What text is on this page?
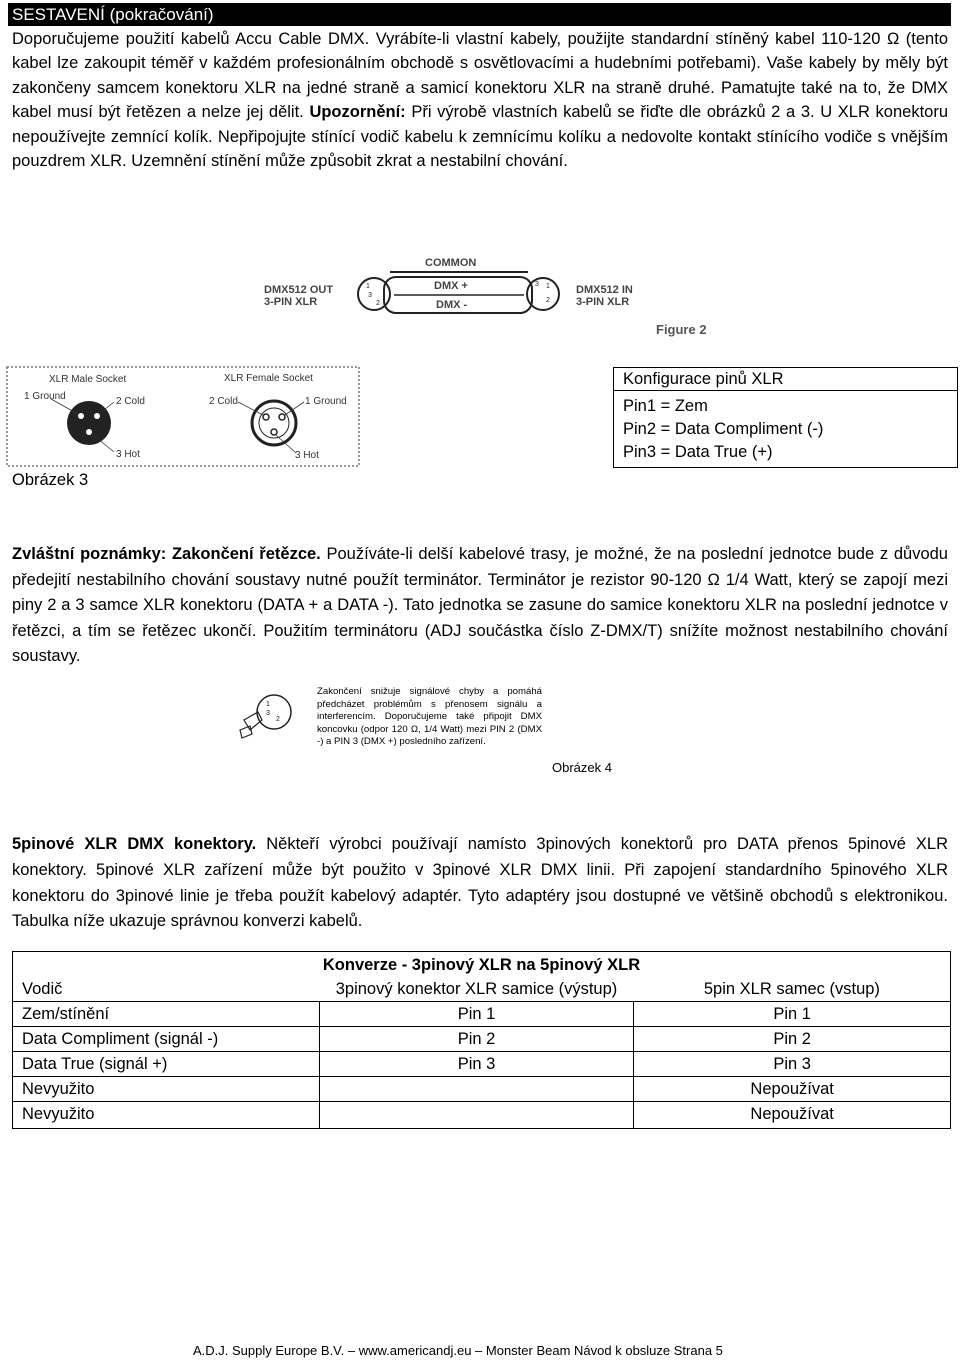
SESTAVENÍ (pokračování)

Doporučujeme použití kabelů Accu Cable DMX. Vyrábíte-li vlastní kabely, použijte standardní stíněný kabel 110-120 Ω (tento kabel lze zakoupit téměř v každém profesionálním obchodě s osvětlovacími a hudebními potřebami). Vaše kabely by měly být zakončeny samcem konektoru XLR na jedné straně a samicí konektoru XLR na straně druhé. Pamatujte také na to, že DMX kabel musí být řetězen a nelze jej dělit. Upozornění: Při výrobě vlastních kabelů se řiďte dle obrázků 2 a 3. U XLR konektoru nepoužívejte zemnící kolík. Nepřipojujte stínící vodič kabelu k zemnícímu kolíku a nedovolte kontakt stínícího vodiče s vnějším pouzdrem XLR. Uzemnění stínění může způsobit zkrat a nestabilní chování.

COMMON
DMX512 OUT
3-PIN XLR
1
3
2
DMX +
DMX -
3 1
2
DMX512 IN
3-PIN XLR
Figure 2
XLR Male Socket	XLR Female Socket
1 Ground	2 Cold
3 Hot
2 Cold	1 Ground
3 Hot
Obrázek 3
Konfigurace pinů XLR
Pin1 = Zem
Pin2 = Data Compliment (-)
Pin3 = Data True (+)

Zvláštní poznámky: Zakončení řetězce. Používáte-li delší kabelové trasy, je možné, že na poslední jednotce bude z důvodu předejití nestabilního chování soustavy nutné použít terminátor. Terminátor je rezistor 90-120 Ω 1/4 Watt, který se zapojí mezi piny 2 a 3 samce XLR konektoru (DATA + a DATA -). Tato jednotka se zasune do samice konektoru XLR na poslední jednotce v řetězci, a tím se řetězec ukončí. Použitím terminátoru (ADJ součástka číslo Z-DMX/T) snížíte možnost nestabilního chování soustavy.

1
3
2

Zakončení snižuje signálové chyby a pomáhá předcházet problémům s přenosem signálu a interferencím. Doporučujeme také připojit DMX koncovku (odpor 120 Ω, 1/4 Watt) mezi PIN 2 (DMX -) a PIN 3 (DMX +) posledního zařízení.

Obrázek 4

5pinové XLR DMX konektory. Někteří výrobci používají namísto 3pinových konektorů pro DATA přenos 5pinové XLR konektory. 5pinové XLR zařízení může být použito v 3pinové XLR DMX linii. Při zapojení standardního 5pinového XLR konektoru do 3pinové linie je třeba použít kabelový adaptér. Tyto adaptéry jsou dostupné ve většině obchodů s elektronikou. Tabulka níže ukazuje správnou konverzi kabelů.

Konverze - 3pinový XLR na 5pinový XLR		
Vodič	3pinový konektor XLR samice (výstup)	5pin XLR samec (vstup)
Zem/stínění	Pin 1	Pin 1
Data Compliment (signál -)	Pin 2	Pin 2
Data True (signál +)	Pin 3	Pin 3
Nevyužito		Nepoužívat
Nevyužito		Nepoužívat
A.D.J. Supply Europe B.V. – www.americandj.eu – Monster Beam Návod k obsluze Strana 5
